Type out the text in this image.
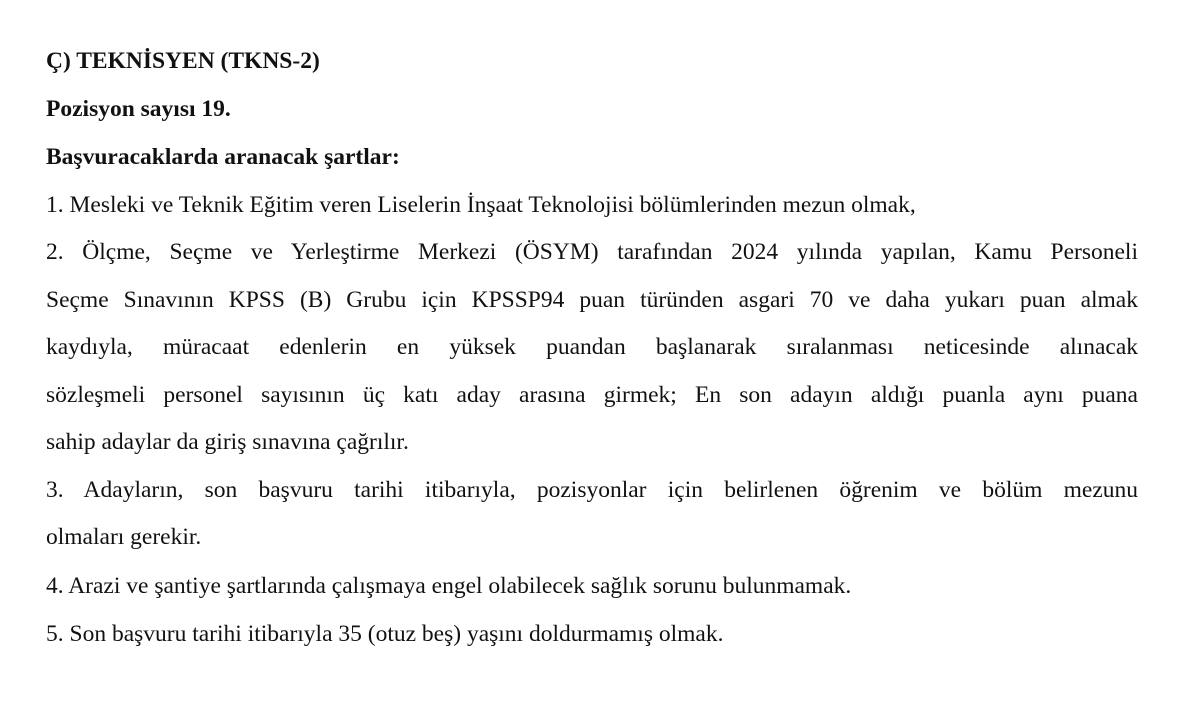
Ç) TEKNİSYEN (TKNS-2)

Pozisyon sayısı 19.

Başvuracaklarda aranacak şartlar:

1. Mesleki ve Teknik Eğitim veren Liselerin İnşaat Teknolojisi bölümlerinden mezun olmak,

2. Ölçme, Seçme ve Yerleştirme Merkezi (ÖSYM) tarafından 2024 yılında yapılan, Kamu Personeli
Seçme Sınavının KPSS (B) Grubu için KPSSP94 puan türünden asgari 70 ve daha yukarı puan almak
kaydıyla, müracaat edenlerin en yüksek puandan başlanarak sıralanması neticesinde alınacak
sözleşmeli personel sayısının üç katı aday arasına girmek; En son adayın aldığı puanla aynı puana
sahip adaylar da giriş sınavına çağrılır.
3. Adayların, son başvuru tarihi itibarıyla, pozisyonlar için belirlenen öğrenim ve bölüm mezunu
olmaları gerekir.

4. Arazi ve şantiye şartlarında çalışmaya engel olabilecek sağlık sorunu bulunmamak.

5. Son başvuru tarihi itibarıyla 35 (otuz beş) yaşını doldurmamış olmak.
